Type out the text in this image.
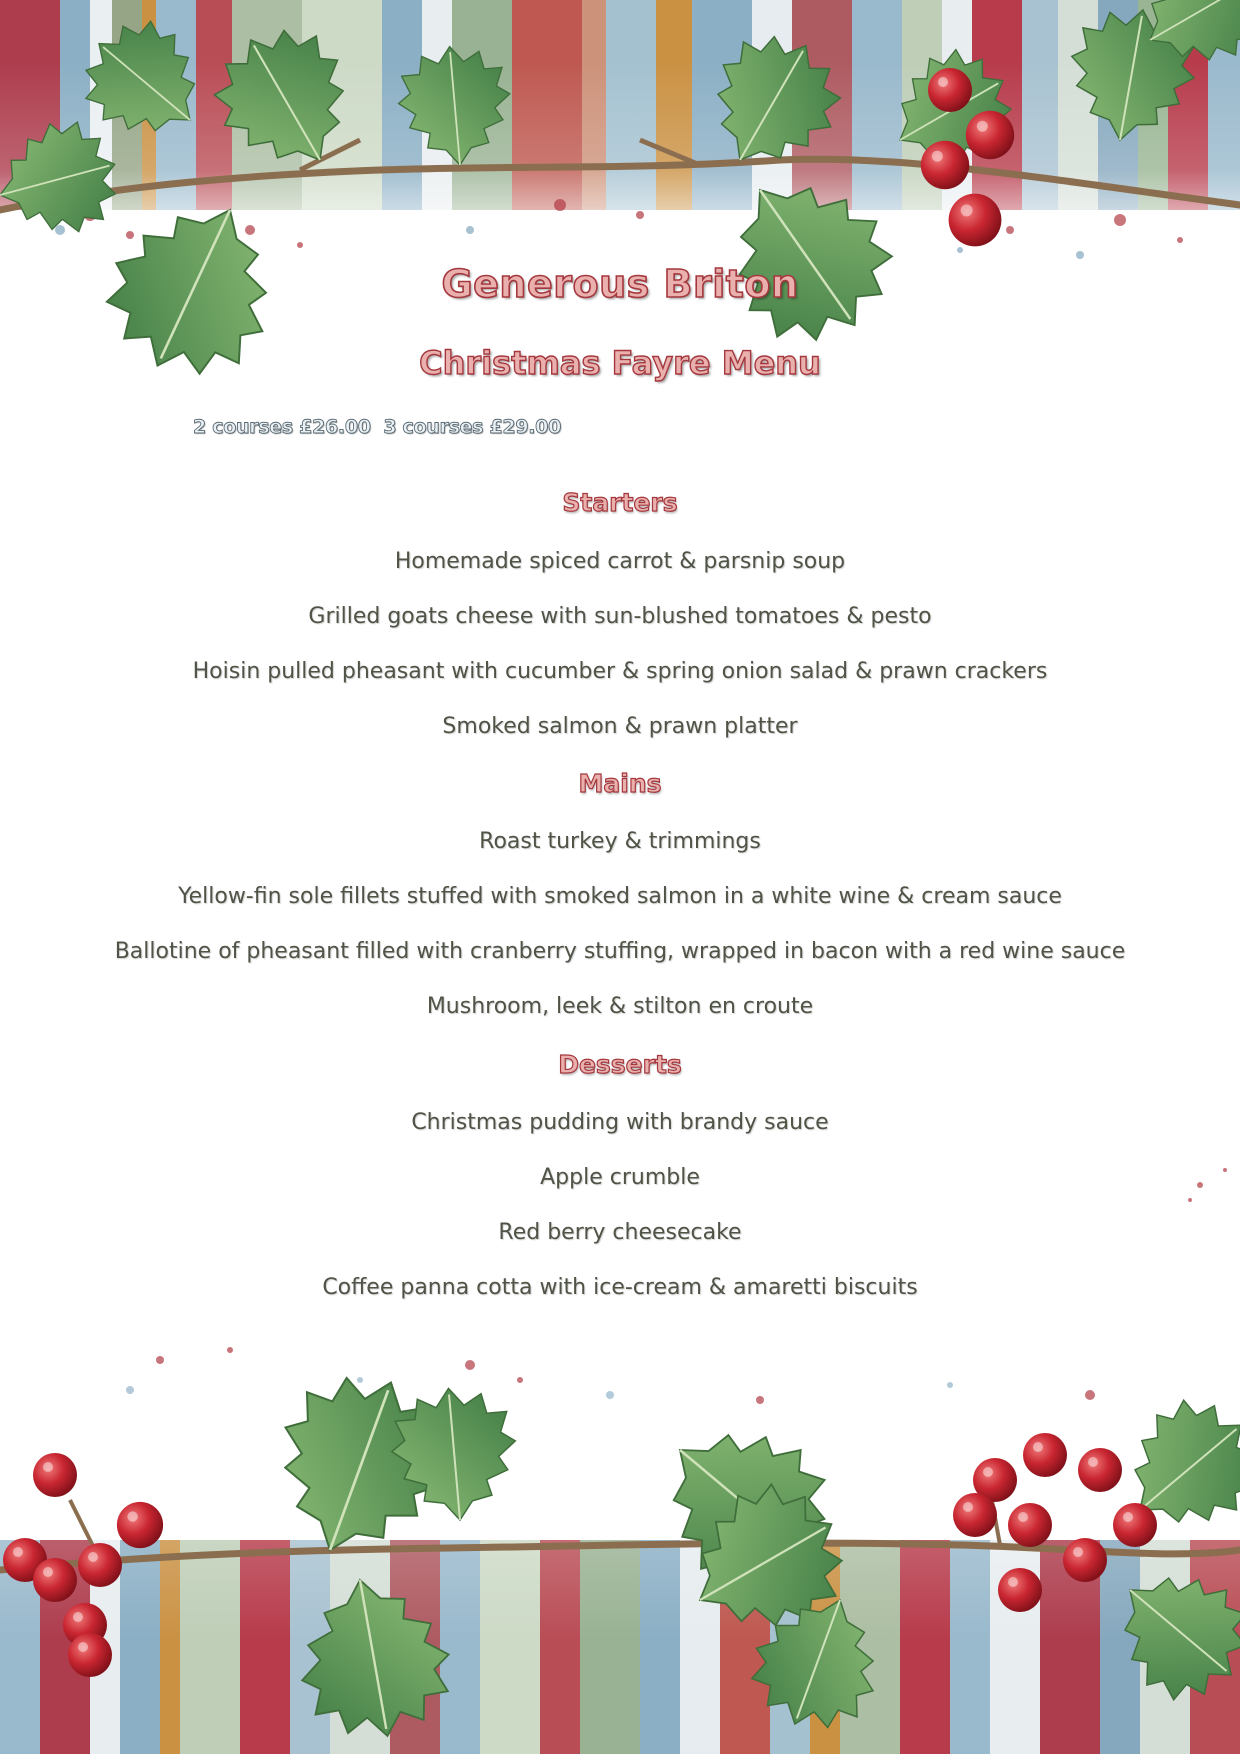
Generous Briton
Christmas Fayre Menu
2 courses £26.00  3 courses £29.00
Starters
Homemade spiced carrot & parsnip soup
Grilled goats cheese with sun-blushed tomatoes & pesto
Hoisin pulled pheasant with cucumber & spring onion salad & prawn crackers
Smoked salmon & prawn platter
Mains
Roast turkey & trimmings
Yellow-fin sole fillets stuffed with smoked salmon in a white wine & cream sauce
Ballotine of pheasant filled with cranberry stuffing, wrapped in bacon with a red wine sauce
Mushroom, leek & stilton en croute
Desserts
Christmas pudding with brandy sauce
Apple crumble
Red berry cheesecake
Coffee panna cotta with ice-cream & amaretti biscuits
